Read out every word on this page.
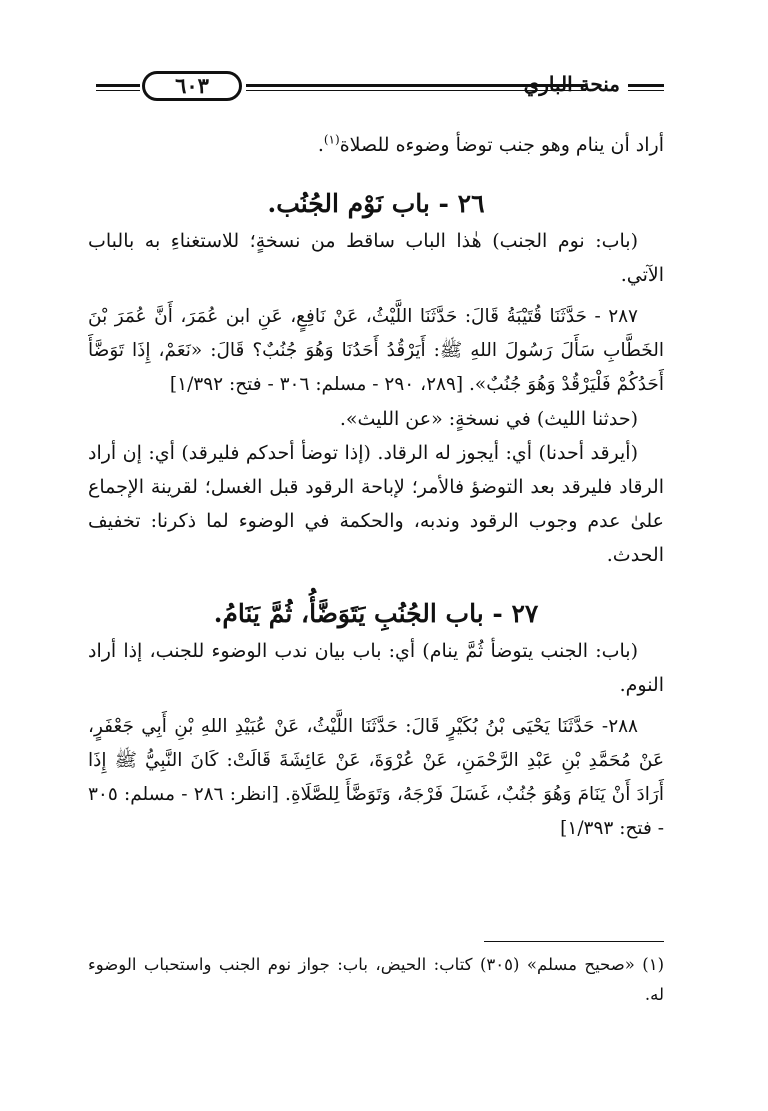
منحة الباري
٦٠٣

أراد أن ينام وهو جنب توضأ وضوءه للصلاة$^{(١)}$.

٢٦ - باب نَوْم الجُنُب.

(باب: نوم الجنب) هٰذا الباب ساقط من نسخةٍ؛ للاستغناءِ به بالباب الآتي.

٢٨٧ - حَدَّثَنَا قُتَيْبَةُ قَالَ: حَدَّثَنَا اللَّيْثُ، عَنْ نَافِعٍ، عَنِ ابن عُمَرَ، أَنَّ عُمَرَ بْنَ الخَطَّابِ سَأَلَ رَسُولَ اللهِ ﷺ: أَيَرْقُدُ أَحَدُنَا وَهُوَ جُنُبٌ؟ قَالَ: «نَعَمْ، إِذَا تَوَضَّأَ أَحَدُكُمْ فَلْيَرْقُدْ وَهُوَ جُنُبٌ». [٢٨٩، ٢٩٠ - مسلم: ٣٠٦ - فتح: ١/٣٩٢]

(حدثنا الليث) في نسخةٍ: «عن الليث».

(أيرقد أحدنا) أي: أيجوز له الرقاد. (إذا توضأ أحدكم فليرقد) أي: إن أراد الرقاد فليرقد بعد التوضؤ فالأمر؛ لإباحة الرقود قبل الغسل؛ لقرينة الإجماع علىٰ عدم وجوب الرقود وندبه، والحكمة في الوضوء لما ذكرنا: تخفيف الحدث.

٢٧ - باب الجُنُبِ يَتَوَضَّأُ، ثُمَّ يَنَامُ.

(باب: الجنب يتوضأ ثُمَّ ينام) أي: باب بيان ندب الوضوء للجنب، إذا أراد النوم.

٢٨٨- حَدَّثَنَا يَحْيَى بْنُ بُكَيْرٍ قَالَ: حَدَّثَنَا اللَّيْثُ، عَنْ عُبَيْدِ اللهِ بْنِ أَبِي جَعْفَرٍ، عَنْ مُحَمَّدِ بْنِ عَبْدِ الرَّحْمَنِ، عَنْ عُرْوَةَ، عَنْ عَائِشَةَ قَالَتْ: كَانَ النَّبِيُّ ﷺ إِذَا أَرَادَ أَنْ يَنَامَ وَهُوَ جُنُبٌ، غَسَلَ فَرْجَهُ، وَتَوَضَّأَ لِلصَّلَاةِ. [انظر: ٢٨٦ - مسلم: ٣٠٥ - فتح: ١/٣٩٣]

(١) «صحيح مسلم» (٣٠٥) كتاب: الحيض، باب: جواز نوم الجنب واستحباب الوضوء له.
